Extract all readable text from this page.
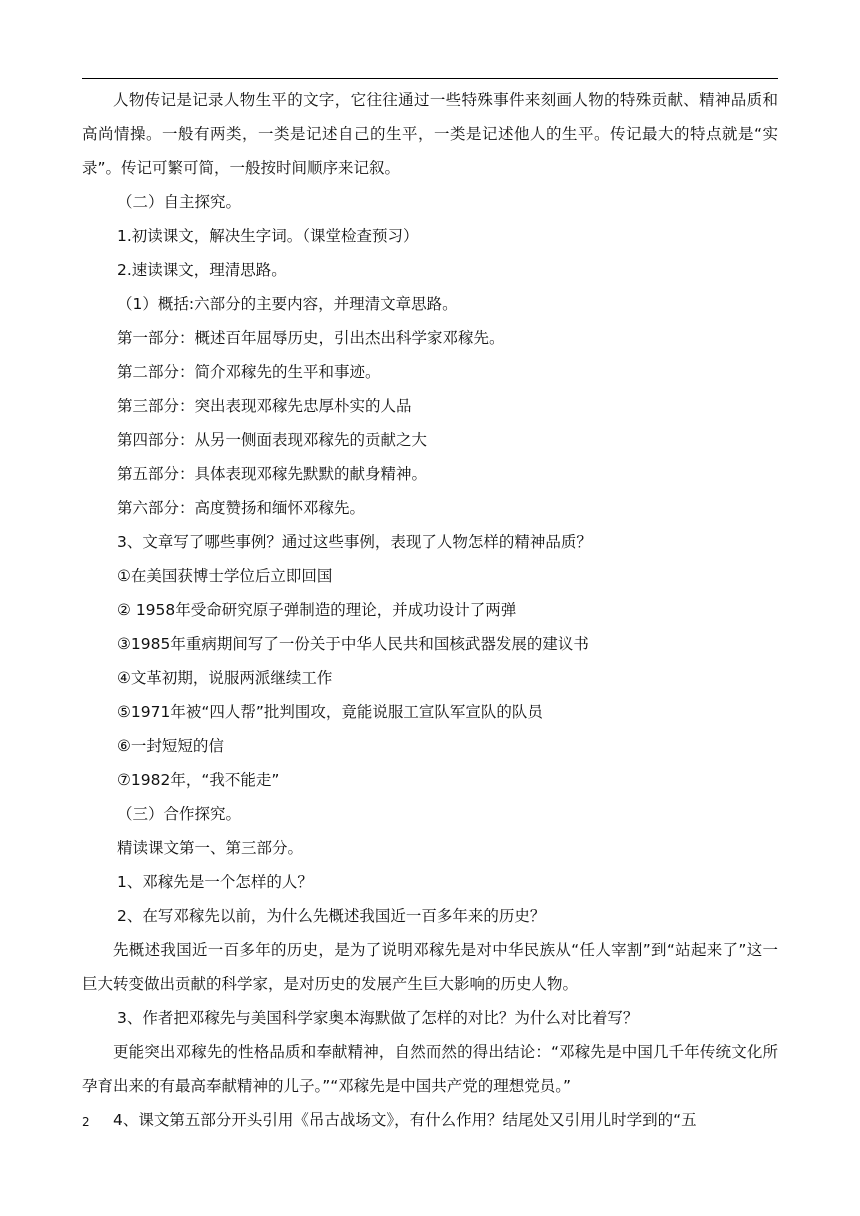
人物传记是记录人物生平的文字，它往往通过一些特殊事件来刻画人物的特殊贡献、精神品质和高尚情操。一般有两类，一类是记述自己的生平，一类是记述他人的生平。传记最大的特点就是“实录”。传记可繁可简，一般按时间顺序来记叙。
（二）自主探究。
1.初读课文，解决生字词。（课堂检查预习）
2.速读课文，理清思路。
（1）概括:六部分的主要内容，并理清文章思路。
第一部分：概述百年屈辱历史，引出杰出科学家邓稼先。
第二部分：简介邓稼先的生平和事迹。
第三部分：突出表现邓稼先忠厚朴实的人品
第四部分：从另一侧面表现邓稼先的贡献之大
第五部分：具体表现邓稼先默默的献身精神。
第六部分：高度赞扬和缅怀邓稼先。
3、文章写了哪些事例？通过这些事例，表现了人物怎样的精神品质？
①在美国获博士学位后立即回国
② 1958年受命研究原子弹制造的理论，并成功设计了两弹
③1985年重病期间写了一份关于中华人民共和国核武器发展的建议书
④文革初期，说服两派继续工作
⑤1971年被“四人帮”批判围攻，竟能说服工宣队军宣队的队员
⑥一封短短的信
⑦1982年，“我不能走”
（三）合作探究。
精读课文第一、第三部分。
1、邓稼先是一个怎样的人？
2、在写邓稼先以前，为什么先概述我国近一百多年来的历史？
先概述我国近一百多年的历史，是为了说明邓稼先是对中华民族从“任人宰割”到“站起来了”这一巨大转变做出贡献的科学家，是对历史的发展产生巨大影响的历史人物。
3、作者把邓稼先与美国科学家奥本海默做了怎样的对比？为什么对比着写？
更能突出邓稼先的性格品质和奉献精神，自然而然的得出结论：“邓稼先是中国几千年传统文化所孕育出来的有最高奉献精神的儿子。”“邓稼先是中国共产党的理想党员。”
4、课文第五部分开头引用《吊古战场文》，有什么作用？结尾处又引用儿时学到的“五
2
